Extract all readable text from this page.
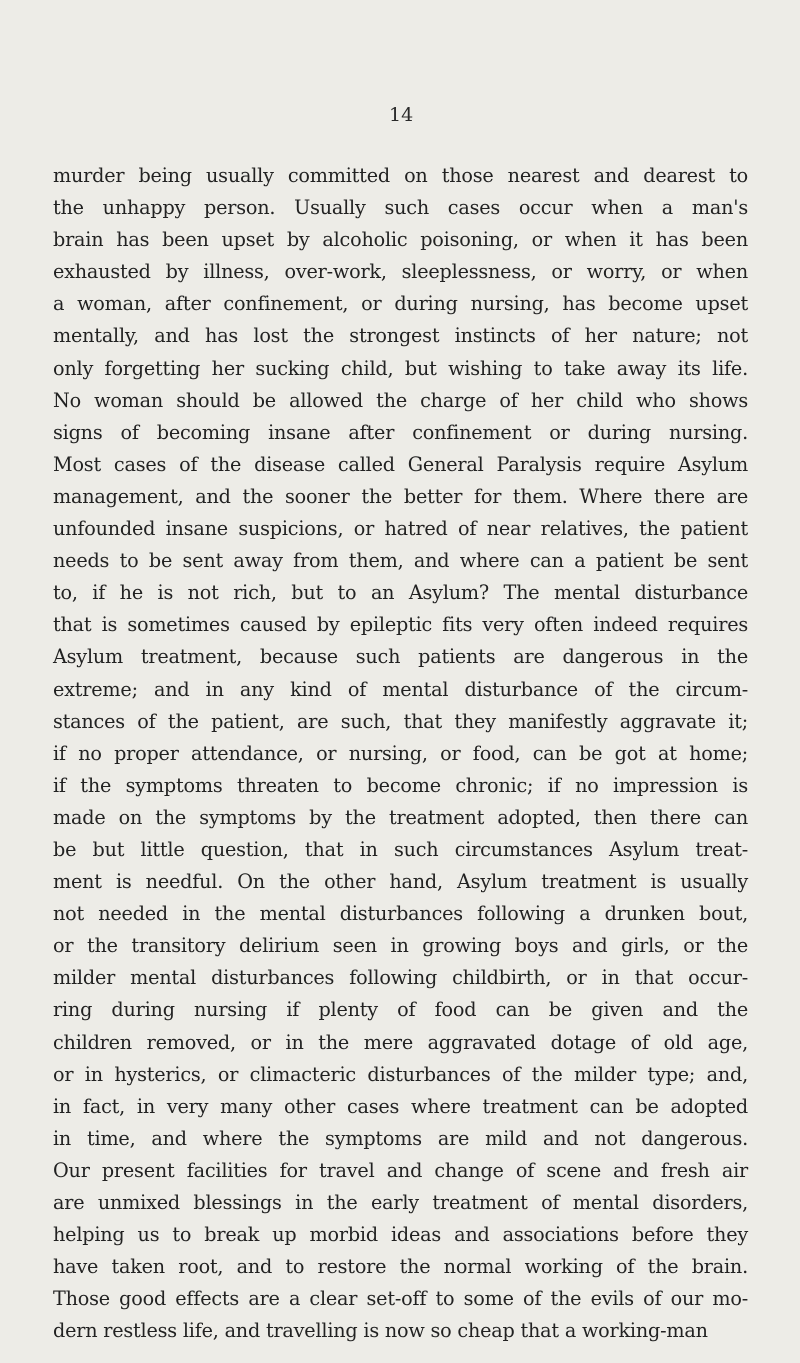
14
murder being usually committed on those nearest and dearest to
the unhappy person. Usually such cases occur when a man's
brain has been upset by alcoholic poisoning, or when it has been
exhausted by illness, over-work, sleeplessness, or worry, or when
a woman, after confinement, or during nursing, has become upset
mentally, and has lost the strongest instincts of her nature; not
only forgetting her sucking child, but wishing to take away its life.
No woman should be allowed the charge of her child who shows
signs of becoming insane after confinement or during nursing.
Most cases of the disease called General Paralysis require Asylum
management, and the sooner the better for them. Where there are
unfounded insane suspicions, or hatred of near relatives, the patient
needs to be sent away from them, and where can a patient be sent
to, if he is not rich, but to an Asylum? The mental disturbance
that is sometimes caused by epileptic fits very often indeed requires
Asylum treatment, because such patients are dangerous in the
extreme; and in any kind of mental disturbance of the circum-
stances of the patient, are such, that they manifestly aggravate it;
if no proper attendance, or nursing, or food, can be got at home;
if the symptoms threaten to become chronic; if no impression is
made on the symptoms by the treatment adopted, then there can
be but little question, that in such circumstances Asylum treat-
ment is needful. On the other hand, Asylum treatment is usually
not needed in the mental disturbances following a drunken bout,
or the transitory delirium seen in growing boys and girls, or the
milder mental disturbances following childbirth, or in that occur-
ring during nursing if plenty of food can be given and the
children removed, or in the mere aggravated dotage of old age,
or in hysterics, or climacteric disturbances of the milder type; and,
in fact, in very many other cases where treatment can be adopted
in time, and where the symptoms are mild and not dangerous.
Our present facilities for travel and change of scene and fresh air
are unmixed blessings in the early treatment of mental disorders,
helping us to break up morbid ideas and associations before they
have taken root, and to restore the normal working of the brain.
Those good effects are a clear set-off to some of the evils of our mo-
dern restless life, and travelling is now so cheap that a working-man
